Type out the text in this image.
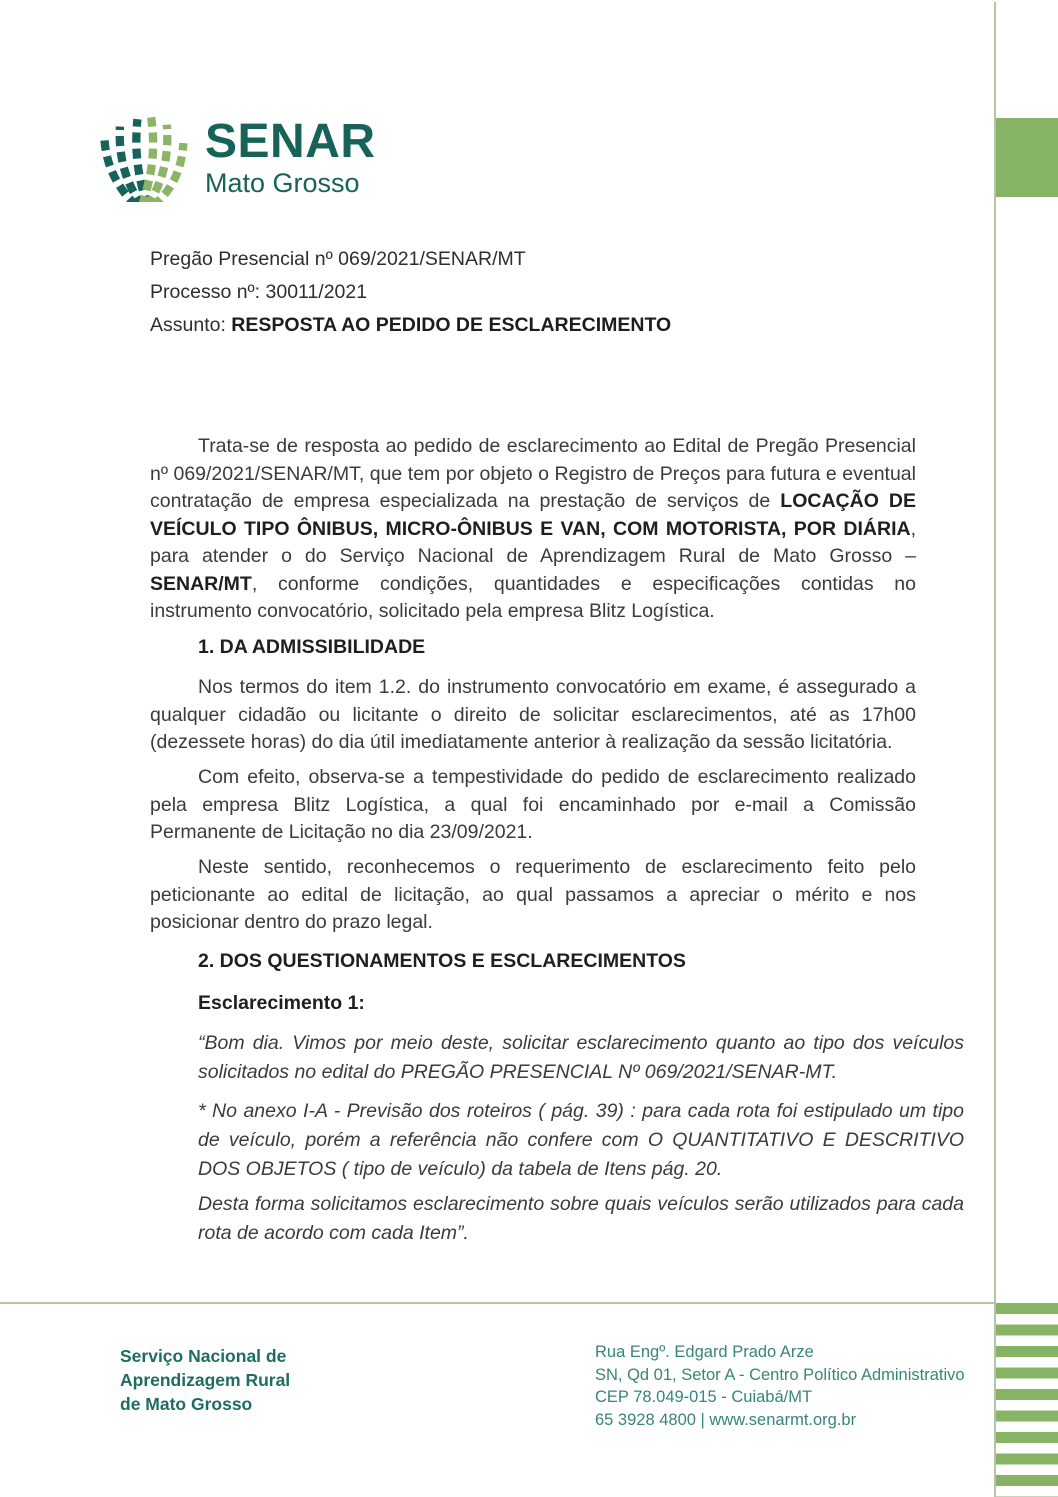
SENAR
Mato Grosso
Pregão Presencial nº 069/2021/SENAR/MT
Processo nº: 30011/2021
Assunto: RESPOSTA AO PEDIDO DE ESCLARECIMENTO

Trata-se de resposta ao pedido de esclarecimento ao Edital de Pregão Presencial nº 069/2021/SENAR/MT, que tem por objeto o Registro de Preços para futura e eventual contratação de empresa especializada na prestação de serviços de LOCAÇÃO DE VEÍCULO TIPO ÔNIBUS, MICRO-ÔNIBUS E VAN, COM MOTORISTA, POR DIÁRIA, para atender o do Serviço Nacional de Aprendizagem Rural de Mato Grosso – SENAR/MT, conforme condições, quantidades e especificações contidas no instrumento convocatório, solicitado pela empresa Blitz Logística.

1. DA ADMISSIBILIDADE

Nos termos do item 1.2. do instrumento convocatório em exame, é assegurado a qualquer cidadão ou licitante o direito de solicitar esclarecimentos, até as 17h00 (dezessete horas) do dia útil imediatamente anterior à realização da sessão licitatória.

Com efeito, observa-se a tempestividade do pedido de esclarecimento realizado pela empresa Blitz Logística, a qual foi encaminhado por e-mail a Comissão Permanente de Licitação no dia 23/09/2021.

Neste sentido, reconhecemos o requerimento de esclarecimento feito pelo peticionante ao edital de licitação, ao qual passamos a apreciar o mérito e nos posicionar dentro do prazo legal.

2. DOS QUESTIONAMENTOS E ESCLARECIMENTOS
Esclarecimento 1:

“Bom dia. Vimos por meio deste, solicitar esclarecimento quanto ao tipo dos veículos solicitados no edital do PREGÃO PRESENCIAL Nº 069/2021/SENAR-MT.

* No anexo I-A - Previsão dos roteiros ( pág. 39) : para cada rota foi estipulado um tipo de veículo, porém a referência não confere com O QUANTITATIVO E DESCRITIVO DOS OBJETOS ( tipo de veículo) da tabela de Itens pág. 20.

Desta forma solicitamos esclarecimento sobre quais veículos serão utilizados para cada rota de acordo com cada Item”.

Serviço Nacional de
Aprendizagem Rural
de Mato Grosso
Rua Engº. Edgard Prado Arze
SN, Qd 01, Setor A - Centro Político Administrativo
CEP 78.049-015 - Cuiabá/MT
65 3928 4800 | www.senarmt.org.br
